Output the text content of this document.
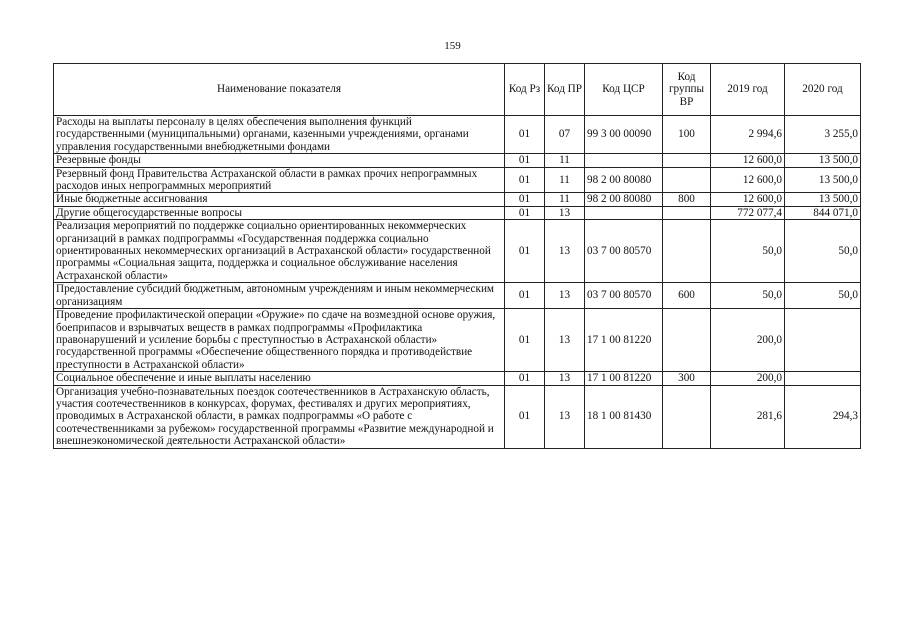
159
Наименование показателя	Код Рз	Код ПР	Код ЦСР	Код группы ВР	2019 год	2020 год
Расходы на выплаты персоналу в целях обеспечения выполнения функций государственными (муниципальными) органами, казенными учреждениями, органами управления государственными внебюджетными фондами	01	07	99 3 00 00090	100	2 994,6	3 255,0
Резервные фонды	01	11			12 600,0	13 500,0
Резервный фонд Правительства Астраханской области в рамках прочих непрограммных расходов иных непрограммных мероприятий	01	11	98 2 00 80080		12 600,0	13 500,0
Иные бюджетные ассигнования	01	11	98 2 00 80080	800	12 600,0	13 500,0
Другие общегосударственные вопросы	01	13			772 077,4	844 071,0
Реализация мероприятий по поддержке социально ориентированных некоммерческих организаций в рамках подпрограммы «Государственная поддержка социально ориентированных некоммерческих организаций в Астраханской области» государственной программы «Социальная защита, поддержка и социальное обслуживание населения Астраханской области»	01	13	03 7 00 80570		50,0	50,0
Предоставление субсидий бюджетным, автономным учреждениям и иным некоммерческим организациям	01	13	03 7 00 80570	600	50,0	50,0
Проведение профилактической операции «Оружие» по сдаче на возмездной основе оружия, боеприпасов и взрывчатых веществ в рамках подпрограммы «Профилактика правонарушений и усиление борьбы с преступностью в Астраханской области» государственной программы «Обеспечение общественного порядка и противодействие преступности в Астраханской области»	01	13	17 1 00 81220		200,0	
Социальное обеспечение и иные выплаты населению	01	13	17 1 00 81220	300	200,0	
Организация учебно-познавательных поездок соотечественников в Астраханскую область, участия соотечественников в конкурсах, форумах, фестивалях и других мероприятиях, проводимых в Астраханской области, в рамках подпрограммы «О работе с соотечественниками за рубежом» государственной программы «Развитие международной и внешнеэкономической деятельности Астраханской области»	01	13	18 1 00 81430		281,6	294,3
